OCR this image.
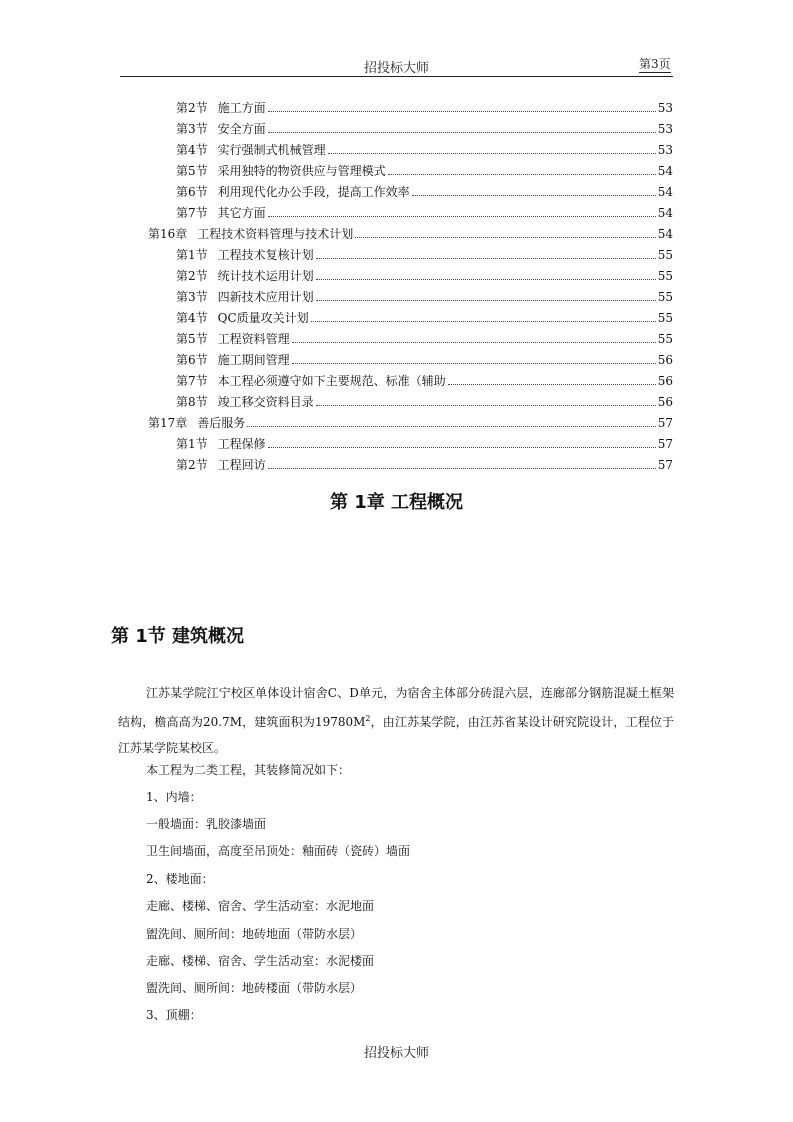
招投标大师	第3页
第2节 施工方面	53
第3节 安全方面	53
第4节 实行强制式机械管理	53
第5节 采用独特的物资供应与管理模式	54
第6节 利用现代化办公手段，提高工作效率	54
第7节 其它方面	54
第16章 工程技术资料管理与技术计划	54
第1节 工程技术复核计划	55
第2节 统计技术运用计划	55
第3节 四新技术应用计划	55
第4节 QC质量攻关计划	55
第5节 工程资料管理	55
第6节 施工期间管理	56
第7节 本工程必须遵守如下主要规范、标准（辅助	56
第8节 竣工移交资料目录	56
第17章 善后服务	57
第1节 工程保修	57
第2节 工程回访	57
第 1章 工程概况
第 1节 建筑概况
江苏某学院江宁校区单体设计宿舍C、D单元，为宿舍主体部分砖混六层，连廊部分钢筋混凝土框架结构，檐高高为20.7M，建筑面积为$19780M^2$，由江苏某学院，由江苏省某设计研究院设计，工程位于江苏某学院某校区。
本工程为二类工程，其装修简况如下：
1、内墙：
一般墙面：乳胶漆墙面
卫生间墙面，高度至吊顶处：釉面砖（瓷砖）墙面
2、楼地面：
走廊、楼梯、宿舍、学生活动室：水泥地面
盥洗间、厕所间：地砖地面（带防水层）
走廊、楼梯、宿舍、学生活动室：水泥楼面
盥洗间、厕所间：地砖楼面（带防水层）
3、顶棚：
招投标大师
